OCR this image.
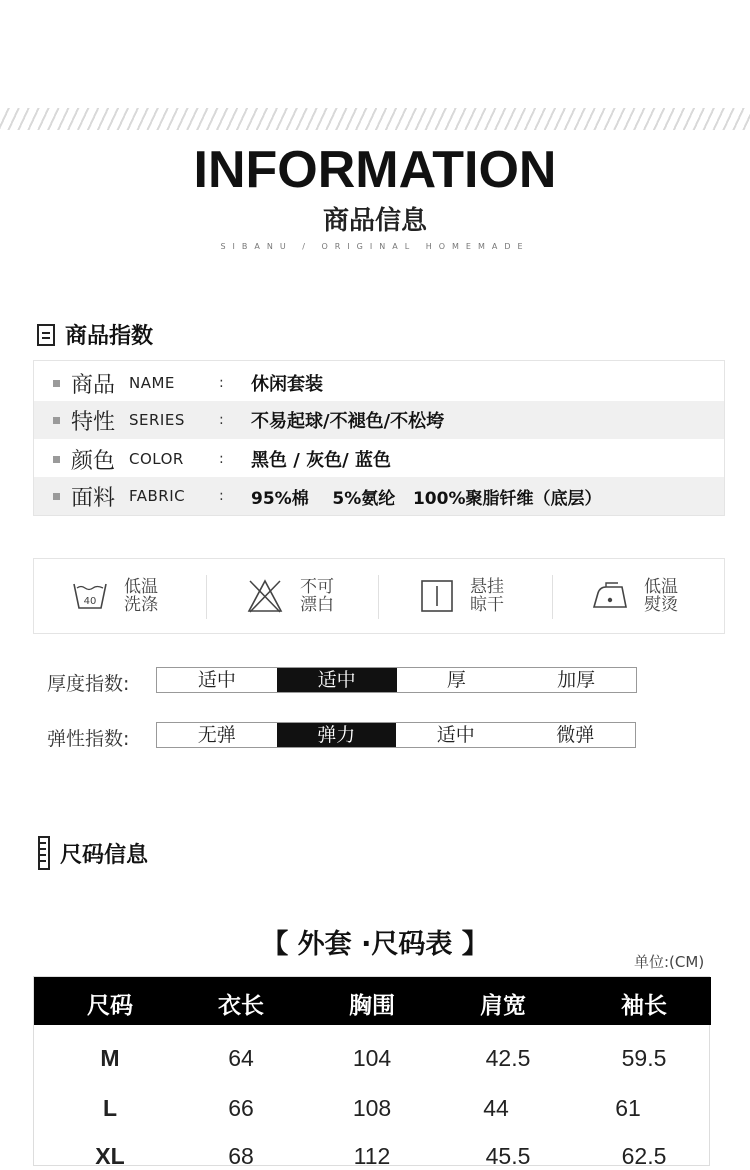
INFORMATION
商品信息
SIBANU / ORIGINAL HOMEMADE
商品指数
商品 NAME	:	休闲套装
特性 SERIES	:	不易起球/不褪色/不松垮
颜色 COLOR	:	黑色 / 灰色/ 蓝色
面料 FABRIC	:	95%棉    5%氨纶   100%聚脂钎维（底层）
40
低温
洗涤
不可
漂白
悬挂
晾干
低温
熨烫
厚度指数:	适中	适中	厚	加厚
弹性指数:	无弹	弹力	适中	微弹
尺码信息
【 外套 ·尺码表 】
单位:(CM)
尺码	衣长	胸围	肩宽	袖长
M	64	104	42.5	59.5
L	66	108	44	61
XL	68	112	45.5	62.5
